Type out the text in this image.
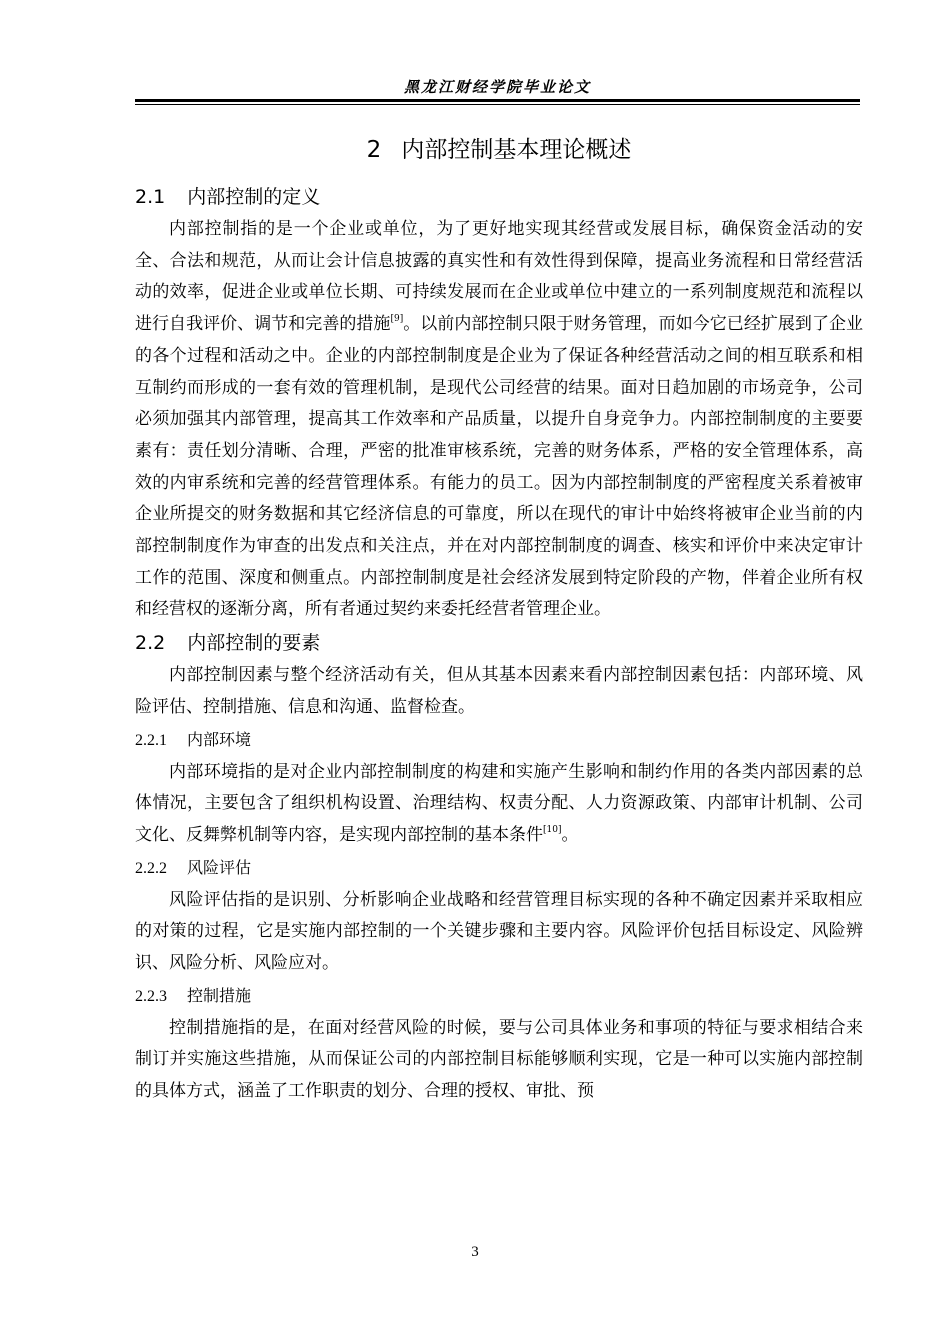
黑龙江财经学院毕业论文
2 内部控制基本理论概述
2.1 内部控制的定义

内部控制指的是一个企业或单位，为了更好地实现其经营或发展目标，确保资金活动的安全、合法和规范，从而让会计信息披露的真实性和有效性得到保障，提高业务流程和日常经营活动的效率，促进企业或单位长期、可持续发展而在企业或单位中建立的一系列制度规范和流程以进行自我评价、调节和完善的措施[9]。以前内部控制只限于财务管理，而如今它已经扩展到了企业的各个过程和活动之中。企业的内部控制制度是企业为了保证各种经营活动之间的相互联系和相互制约而形成的一套有效的管理机制，是现代公司经营的结果。面对日趋加剧的市场竞争，公司必须加强其内部管理，提高其工作效率和产品质量，以提升自身竞争力。内部控制制度的主要要素有：责任划分清晰、合理，严密的批准审核系统，完善的财务体系，严格的安全管理体系，高效的内审系统和完善的经营管理体系。有能力的员工。因为内部控制制度的严密程度关系着被审企业所提交的财务数据和其它经济信息的可靠度，所以在现代的审计中始终将被审企业当前的内部控制制度作为审查的出发点和关注点，并在对内部控制制度的调查、核实和评价中来决定审计工作的范围、深度和侧重点。内部控制制度是社会经济发展到特定阶段的产物，伴着企业所有权和经营权的逐渐分离，所有者通过契约来委托经营者管理企业。

2.2 内部控制的要素

内部控制因素与整个经济活动有关，但从其基本因素来看内部控制因素包括：内部环境、风险评估、控制措施、信息和沟通、监督检查。

2.2.1 内部环境

内部环境指的是对企业内部控制制度的构建和实施产生影响和制约作用的各类内部因素的总体情况，主要包含了组织机构设置、治理结构、权责分配、人力资源政策、内部审计机制、公司文化、反舞弊机制等内容，是实现内部控制的基本条件[10]。

2.2.2 风险评估

风险评估指的是识别、分析影响企业战略和经营管理目标实现的各种不确定因素并采取相应的对策的过程，它是实施内部控制的一个关键步骤和主要内容。风险评价包括目标设定、风险辨识、风险分析、风险应对。

2.2.3 控制措施

控制措施指的是，在面对经营风险的时候，要与公司具体业务和事项的特征与要求相结合来制订并实施这些措施，从而保证公司的内部控制目标能够顺利实现，它是一种可以实施内部控制的具体方式，涵盖了工作职责的划分、合理的授权、审批、预

3
